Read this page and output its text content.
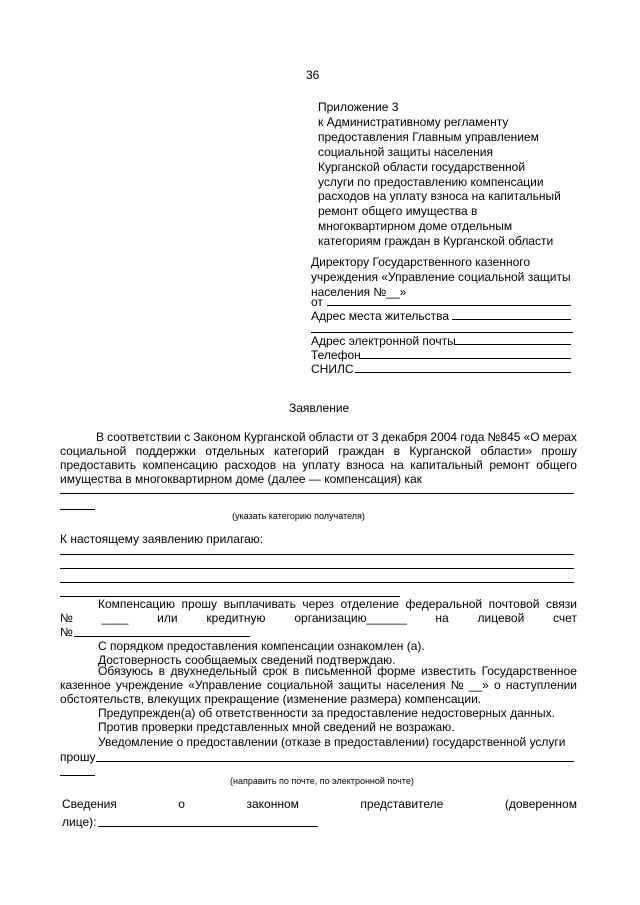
36
Приложение 3
к Административному регламенту
предоставления Главным управлением
социальной защиты населения
Курганской области государственной
услуги по предоставлению компенсации
расходов на уплату взноса на капитальный
ремонт общего имущества в
многоквартирном доме отдельным
категориям граждан в Курганской области
Директору Государственного казенного
учреждения «Управление социальной защиты
населения №__»
от
Адрес места жительства
Адрес электронной почты
Телефон
СНИЛС
Заявление
В соответствии с Законом Курганской области от 3 декабря 2004 года №845 «О мерах
социальной поддержки отдельных категорий граждан в Курганской области» прошу
предоставить компенсацию расходов на уплату взноса на капитальный ремонт общего
имущества в многоквартирном доме (далее — компенсация) как
(указать категорию получателя)
К настоящему заявлению прилагаю:
Компенсацию прошу выплачивать через отделение федеральной почтовой связи
№ ____ или кредитную организацию______ на лицевой счет
№
С порядком предоставления компенсации ознакомлен (а).
Достоверность сообщаемых сведений подтверждаю.
Обязуюсь в двухнедельный срок в письменной форме известить Государственное
казенное учреждение «Управление социальной защиты населения № __» о наступлении
обстоятельств, влекущих прекращение (изменение размера) компенсации.
Предупрежден(а) об ответственности за предоставление недостоверных данных.
Против проверки представленных мной сведений не возражаю.
Уведомление о предоставлении (отказе в предоставлении) государственной услуги
прошу
(направить по почте, по электронной почте)
Сведения	о	законном	представителе	(доверенном
лице):
